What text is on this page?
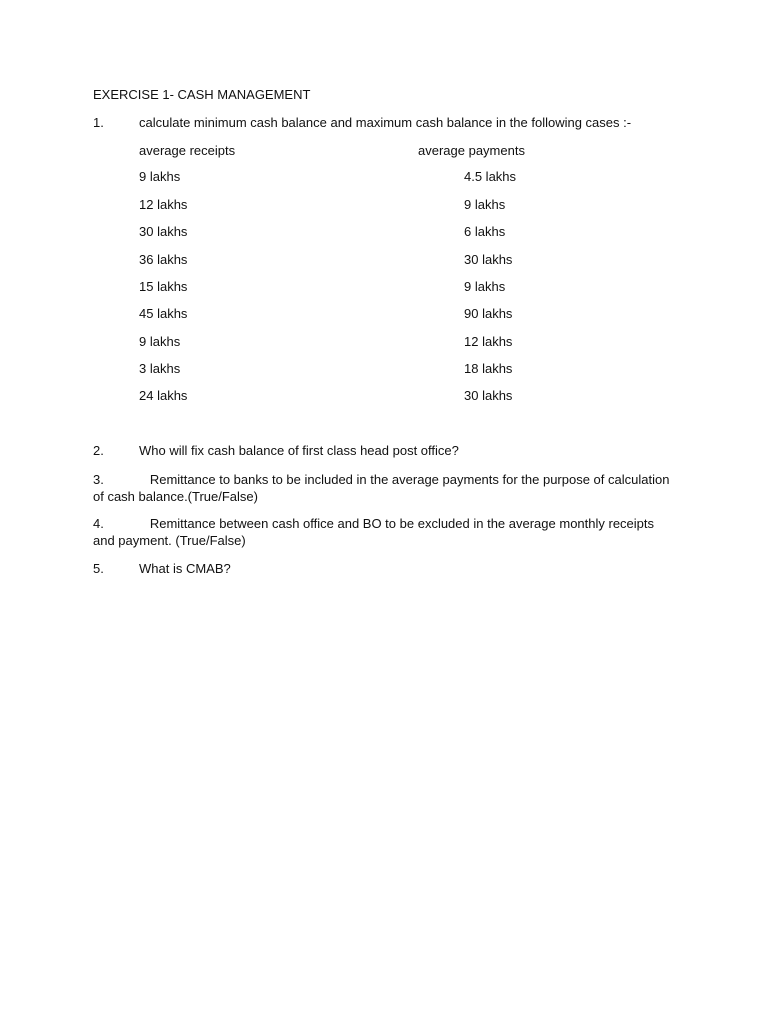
EXERCISE 1- CASH MANAGEMENT
1.	calculate minimum cash balance and maximum cash balance in the following cases :-
average receipts	average payments
9 lakhs	4.5 lakhs
12 lakhs	9 lakhs
30 lakhs	6 lakhs
36 lakhs	30 lakhs
15 lakhs	9 lakhs
45 lakhs	90 lakhs
9 lakhs	12 lakhs
3 lakhs	18 lakhs
24 lakhs	30 lakhs
2.	Who will fix cash balance of first class head post office?
3.	Remittance to banks to be included in the average payments for the purpose of calculation of cash balance.(True/False)
4.	Remittance between cash office and BO to be excluded in the average monthly receipts and payment. (True/False)
5.	What is CMAB?
